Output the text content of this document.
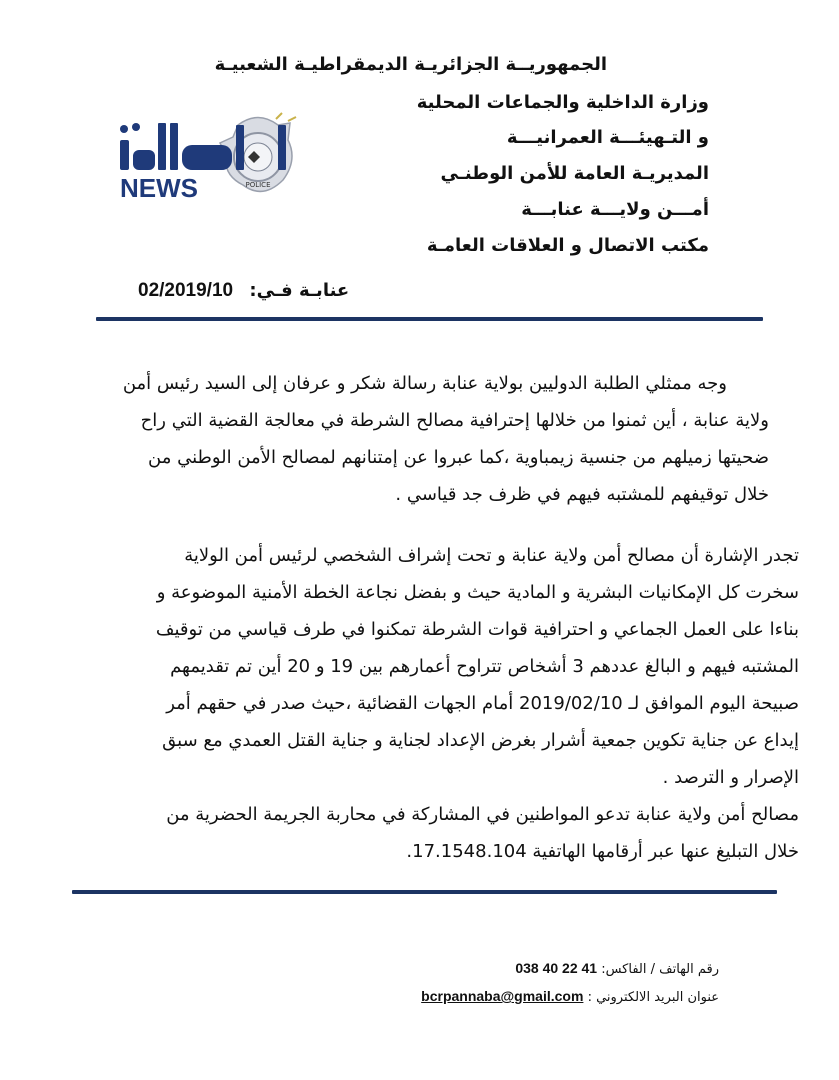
الجمهوريــة الجزائريـة الديمقراطيـة الشعبيـة
وزارة الداخلية والجماعات المحلية
و التـهيئـــة العمرانيـــة
المديريـة العامة للأمن الوطنـي
أمـــن ولايـــة عنابـــة
مكتب الاتصال و العلاقات العامـة
POLICE
NEWS
عنابـة فـي: 02/2019/10
وجه ممثلي الطلبة الدوليين بولاية عنابة رسالة شكر و عرفان إلى السيد رئيس أمن
ولاية عنابة ، أين ثمنوا من خلالها إحترافية مصالح الشرطة في معالجة القضية التي راح
ضحيتها زميلهم من جنسية زيمباوية ،كما عبروا عن إمتنانهم لمصالح الأمن الوطني من
خلال توقيفهم للمشتبه فيهم في ظرف جد قياسي .
تجدر الإشارة أن مصالح أمن ولاية عنابة و تحت إشراف الشخصي لرئيس أمن الولاية
سخرت كل الإمكانيات البشرية و المادية حيث و بفضل نجاعة الخطة الأمنية الموضوعة و
بناءا على العمل الجماعي و احترافية قوات الشرطة تمكنوا في طرف قياسي من توقيف
المشتبه فيهم و البالغ عددهم 3 أشخاص تتراوح أعمارهم بين 19 و 20 أين تم تقديمهم
صبيحة اليوم الموافق لـ 2019/02/10 أمام الجهات القضائية ،حيث صدر في حقهم أمر
إيداع عن جناية تكوين جمعية أشرار بغرض الإعداد لجناية و جناية القتل العمدي مع سبق
الإصرار و الترصد .
مصالح أمن ولاية عنابة تدعو المواطنين في المشاركة في محاربة الجريمة الحضرية من
خلال التبليغ عنها عبر أرقامها الهاتفية 17.1548.104.
رقم الهاتف / الفاكس: 41 22 40 038
عنوان البريد الالكتروني : bcrpannaba@gmail.com
